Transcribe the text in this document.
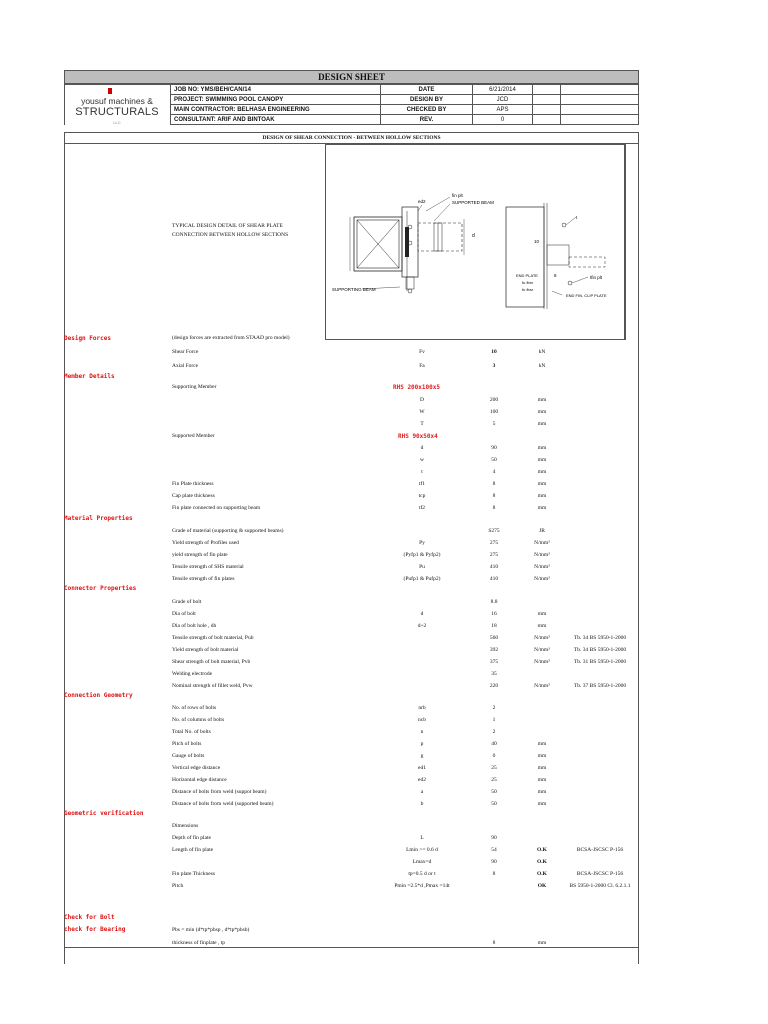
DESIGN SHEET
	JOB NO: YMS/BEH/CAN/14	DATE	6/21/2014		
	PROJECT: SWIMMING POOL CANOPY	DESIGN BY	JCD		
	MAIN CONTRACTOR: BELHASA ENGINEERING	CHECKED BY	APS		
	CONSULTANT: ARIF AND BINTOAK	REV.	0		
yousuf machines &
STRUCTURALS
LLC
DESIGN OF SHEAR CONNECTION - BETWEEN HOLLOW SECTIONS
d
ed2
fin plt
SUPPORTED BEAM
SUPPORTING BEAM
t
tfin plt
10
8
END PLATE
fu fbrx
fu fbrz
END FIN. CLIP PLATE
TYPICAL DESIGN DETAIL OF SHEAR PLATE
CONNECTION BETWEEN HOLLOW SECTIONS
Design Forces
Member Details
Material Properties
Connector Properties
Connection Geometry
Geometric verification
Check for Bolt
check for Bearing
RHS 200x100x5
RHS 90x50x4
(design forces are extracted from STAAD pro model)
Shear Force	Fv	10	kN
Axial Force	Fa	3	kN
Supporting Member
D	200	mm
W	100	mm
T	5	mm
Supported Member
d	90	mm
w	50	mm
t	4	mm
Fin Plate thickness	tf1	8	mm
Cap plate thickness	tcp	8	mm
Fin plate connected on supporting beam	tf2	8	mm
Grade of material (supporting & supported beams)	S275	JR
Yield strength of Profiles used	Py	275	N/mm²
yield strength of fin plate	(Pyfp1 & Pyfp2)	275	N/mm²
Tensile strength of SHS material	Pu	410	N/mm²
Tensile strength of fin plates	(Pufp1 & Pufp2)	410	N/mm²
Grade of bolt	8.8
Dia of bolt	d	16	mm
Dia of bolt hole , dh	d+2	18	mm
Tensile strength of bolt material, Pub	560	N/mm²	Tb. 34 BS 5950-1-2000
Yield strength of bolt material	392	N/mm²	Tb. 34 BS 5950-1-2000
Shear strength of bolt material, Pvb	375	N/mm²	Tb. 31 BS 5950-1-2000
Welding electrode	35
Nominal strength of fillet weld, Pvw	220	N/mm²	Tb. 37 BS 5950-1-2000
No. of rows of bolts	nrb	2
No. of columns of bolts	ncb	1
Total No. of bolts	n	2
Pitch of bolts	p	40	mm
Gauge of bolts	g	0	mm
Vertical edge distance	ed1	25	mm
Horizontal edge distance	ed2	25	mm
Distance of bolts from weld (suppot beam)	a	50	mm
Distance of bolts from weld (supported beam)	b	50	mm
Dimensions
Depth of fin plate	L	90
Length of fin plate	Lmin >= 0.6 d	54	O.K	BCSA-JSCSC P-156
Lmax=d	90	O.K
Fin plate Thickness	tp=0.5 d or t	8	O.K	BCSA-JSCSC P-156
Pitch	Pmin =2.5*d ,Pmax =14t	OK	BS 5950-1-2000 Cl. 6.2.1.1
Pbs = min (d*tp*pbsp , d*tp*pbsb)
thickness of finplate , tp	8	mm
